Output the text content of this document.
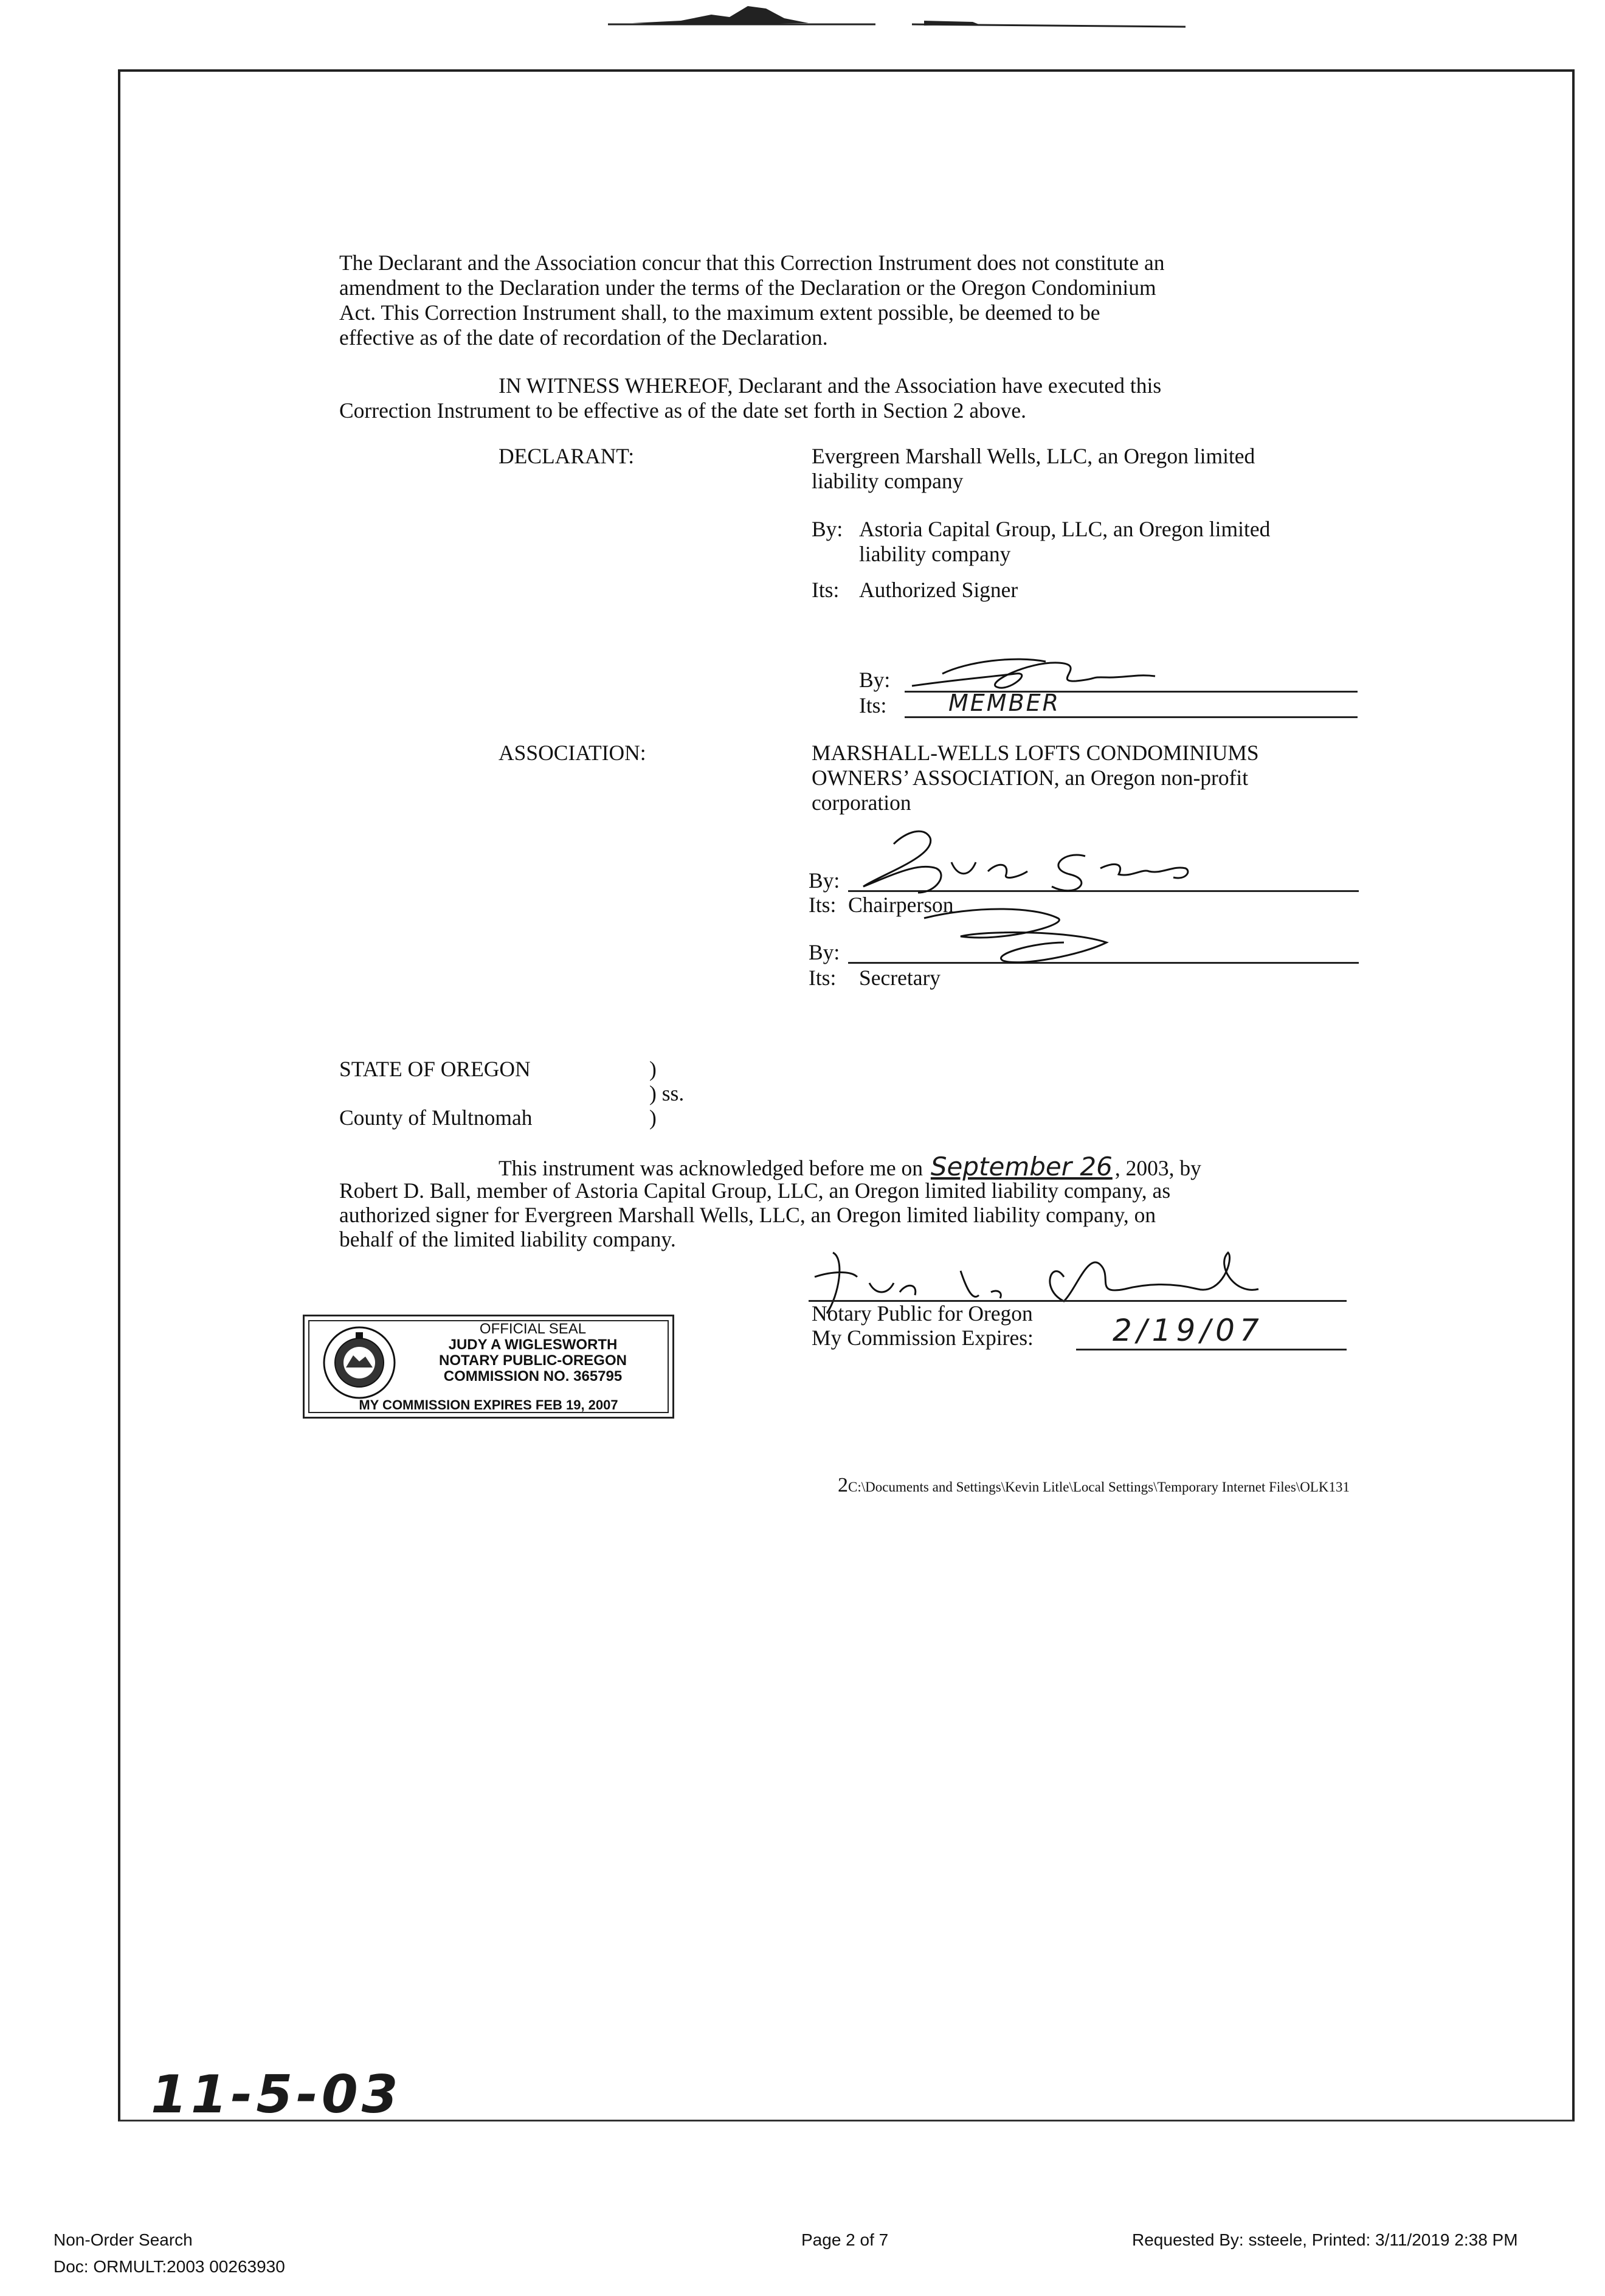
The Declarant and the Association concur that this Correction Instrument does not constitute an
amendment to the Declaration under the terms of the Declaration or the Oregon Condominium
Act. This Correction Instrument shall, to the maximum extent possible, be deemed to be
effective as of the date of recordation of the Declaration.
IN WITNESS WHEREOF, Declarant and the Association have executed this
Correction Instrument to be effective as of the date set forth in Section 2 above.
DECLARANT:	Evergreen Marshall Wells, LLC, an Oregon limited
liability company
By: Astoria Capital Group, LLC, an Oregon limited
liability company
Its: Authorized Signer
By:
Its:	MEMBER
ASSOCIATION:	MARSHALL-WELLS LOFTS CONDOMINIUMS
OWNERS’ ASSOCIATION, an Oregon non-profit
corporation
By:
Its: Chairperson
By:
Its: Secretary
STATE OF OREGON	)
) ss.
County of Multnomah	)
This instrument was acknowledged before me on September 26 , 2003, by
Robert D. Ball, member of Astoria Capital Group, LLC, an Oregon limited liability company, as
authorized signer for Evergreen Marshall Wells, LLC, an Oregon limited liability company, on
behalf of the limited liability company.
Notary Public for Oregon
My Commission Expires:	2/19/07
OFFICIAL SEAL
JUDY A WIGLESWORTH
NOTARY PUBLIC-OREGON
COMMISSION NO. 365795
MY COMMISSION EXPIRES FEB 19, 2007
2C:\Documents and Settings\Kevin Litle\Local Settings\Temporary Internet Files\OLK131
11-5-03
Non-Order Search
Doc: ORMULT:2003 00263930
Page 2 of 7	Requested By: ssteele, Printed: 3/11/2019 2:38 PM
